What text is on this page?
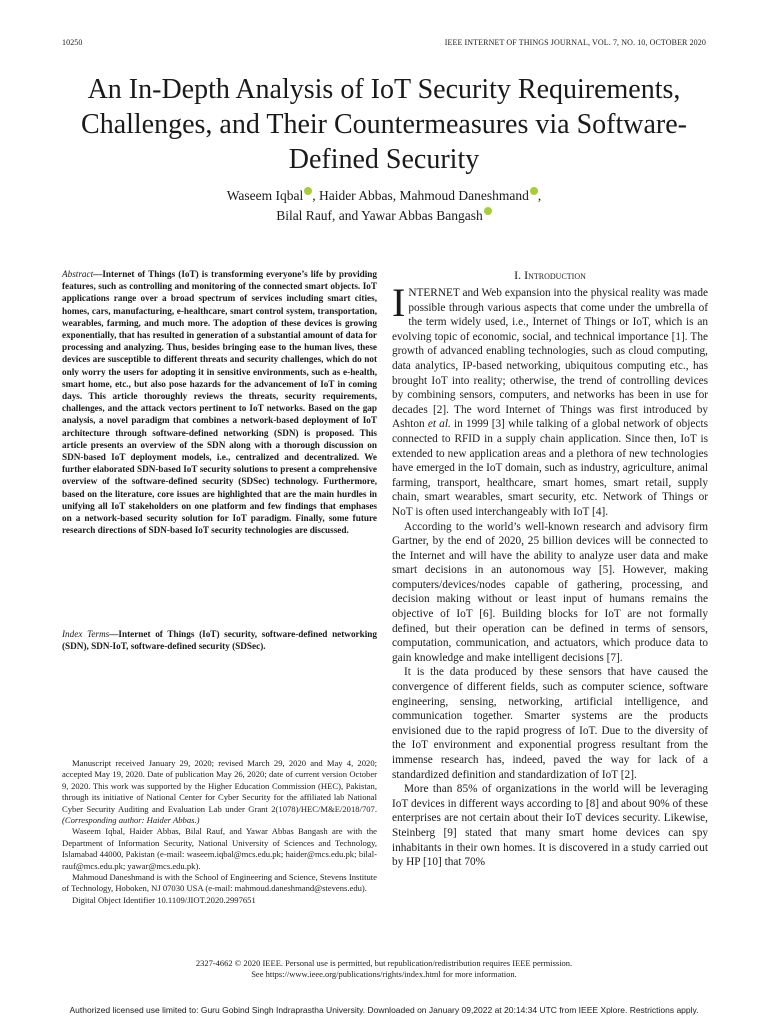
10250	IEEE INTERNET OF THINGS JOURNAL, VOL. 7, NO. 10, OCTOBER 2020
An In-Depth Analysis of IoT Security Requirements, Challenges, and Their Countermeasures via Software-Defined Security
Waseem Iqbal , Haider Abbas, Mahmoud Daneshmand ,
Bilal Rauf, and Yawar Abbas Bangash
Abstract—Internet of Things (IoT) is transforming everyone’s life by providing features, such as controlling and monitoring of the connected smart objects. IoT applications range over a broad spectrum of services including smart cities, homes, cars, manufacturing, e-healthcare, smart control system, transportation, wearables, farming, and much more. The adoption of these devices is growing exponentially, that has resulted in generation of a substantial amount of data for processing and analyzing. Thus, besides bringing ease to the human lives, these devices are susceptible to different threats and security challenges, which do not only worry the users for adopting it in sensitive environments, such as e-health, smart home, etc., but also pose hazards for the advancement of IoT in coming days. This article thoroughly reviews the threats, security requirements, challenges, and the attack vectors pertinent to IoT networks. Based on the gap analysis, a novel paradigm that combines a network-based deployment of IoT architecture through software-defined networking (SDN) is proposed. This article presents an overview of the SDN along with a thorough discussion on SDN-based IoT deployment models, i.e., centralized and decentralized. We further elaborated SDN-based IoT security solutions to present a comprehensive overview of the software-defined security (SDSec) technology. Furthermore, based on the literature, core issues are highlighted that are the main hurdles in unifying all IoT stakeholders on one platform and few findings that emphases on a network-based security solution for IoT paradigm. Finally, some future research directions of SDN-based IoT security technologies are discussed.
Index Terms—Internet of Things (IoT) security, software-defined networking (SDN), SDN-IoT, software-defined security (SDSec).

Manuscript received January 29, 2020; revised March 29, 2020 and May 4, 2020; accepted May 19, 2020. Date of publication May 26, 2020; date of current version October 9, 2020. This work was supported by the Higher Education Commission (HEC), Pakistan, through its initiative of National Center for Cyber Security for the affiliated lab National Cyber Security Auditing and Evaluation Lab under Grant 2(1078)/HEC/M&E/2018/707. (Corresponding author: Haider Abbas.)

Waseem Iqbal, Haider Abbas, Bilal Rauf, and Yawar Abbas Bangash are with the Department of Information Security, National University of Sciences and Technology, Islamabad 44000, Pakistan (e-mail: waseem.iqbal@mcs.edu.pk; haider@mcs.edu.pk; bilal-rauf@mcs.edu.pk; yawar@mcs.edu.pk).

Mahmoud Daneshmand is with the School of Engineering and Science, Stevens Institute of Technology, Hoboken, NJ 07030 USA (e-mail: mahmoud.daneshmand@stevens.edu).

Digital Object Identifier 10.1109/JIOT.2020.2997651

I. Introduction

INTERNET and Web expansion into the physical reality was made possible through various aspects that come under the umbrella of the term widely used, i.e., Internet of Things or IoT, which is an evolving topic of economic, social, and technical importance [1]. The growth of advanced enabling technologies, such as cloud computing, data analytics, IP-based networking, ubiquitous computing etc., has brought IoT into reality; otherwise, the trend of controlling devices by combining sensors, computers, and networks has been in use for decades [2]. The word Internet of Things was first introduced by Ashton et al. in 1999 [3] while talking of a global network of objects connected to RFID in a supply chain application. Since then, IoT is extended to new application areas and a plethora of new technologies have emerged in the IoT domain, such as industry, agriculture, animal farming, transport, healthcare, smart homes, smart retail, supply chain, smart wearables, smart security, etc. Network of Things or NoT is often used interchangeably with IoT [4].

According to the world’s well-known research and advisory firm Gartner, by the end of 2020, 25 billion devices will be connected to the Internet and will have the ability to analyze user data and make smart decisions in an autonomous way [5]. However, making computers/devices/nodes capable of gathering, processing, and decision making without or least input of humans remains the objective of IoT [6]. Building blocks for IoT are not formally defined, but their operation can be defined in terms of sensors, computation, communication, and actuators, which produce data to gain knowledge and make intelligent decisions [7].

It is the data produced by these sensors that have caused the convergence of different fields, such as computer science, software engineering, sensing, networking, artificial intelligence, and communication together. Smarter systems are the products envisioned due to the rapid progress of IoT. Due to the diversity of the IoT environment and exponential progress resultant from the immense research has, indeed, paved the way for lack of a standardized definition and standardization of IoT [2].

More than 85% of organizations in the world will be leveraging IoT devices in different ways according to [8] and about 90% of these enterprises are not certain about their IoT devices security. Likewise, Steinberg [9] stated that many smart home devices can spy inhabitants in their own homes. It is discovered in a study carried out by HP [10] that 70%

2327-4662 © 2020 IEEE. Personal use is permitted, but republication/redistribution requires IEEE permission.
See https://www.ieee.org/publications/rights/index.html for more information.
Authorized licensed use limited to: Guru Gobind Singh Indraprastha University. Downloaded on January 09,2022 at 20:14:34 UTC from IEEE Xplore. Restrictions apply.
